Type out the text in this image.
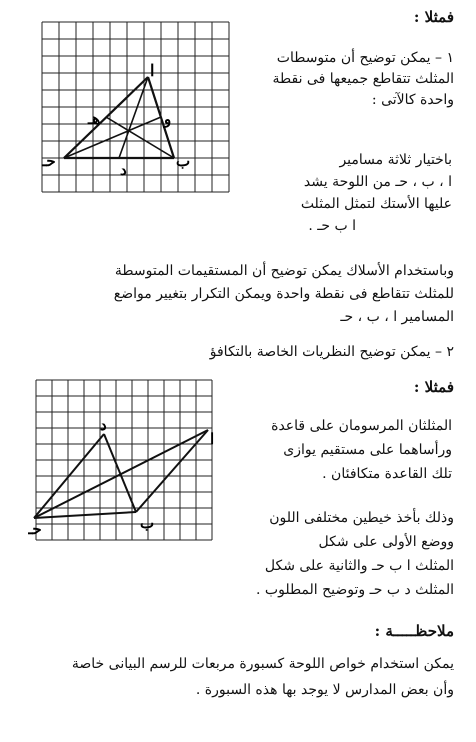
فمثلا :
ا
ب
حـ	د
هـ	و
١ – يمكن توضيح أن متوسطات
المثلث تتقاطع جميعها فى نقطة
واحدة كالآتى :
باختيار ثلاثة مسامير
ا ، ب ، حـ من اللوحة يشد
عليها الأستك لتمثل المثلث
ا ب حـ .
وباستخدام الأسلاك يمكن توضيح أن المستقيمات المتوسطة
للمثلث تتقاطع فى نقطة واحدة ويمكن التكرار بتغيير مواضع
المسامير ا ، ب ، حـ
٢ – يمكن توضيح النظريات الخاصة بالتكافؤ
فمثلا :
ا
ب
حـ
د	المثلثان المرسومان على قاعدة
ورأساهما على مستقيم يوازى
تلك القاعدة متكافئان .
وذلك بأخذ خيطين مختلفى اللون
ووضع الأولى على شكل
المثلث ا ب حـ والثانية على شكل
المثلث د ب حـ وتوضيح المطلوب .
ملاحظـــــة :
يمكن استخدام خواص اللوحة كسبورة مربعات للرسم البيانى خاصة
وأن بعض المدارس لا يوجد بها هذه السبورة .
